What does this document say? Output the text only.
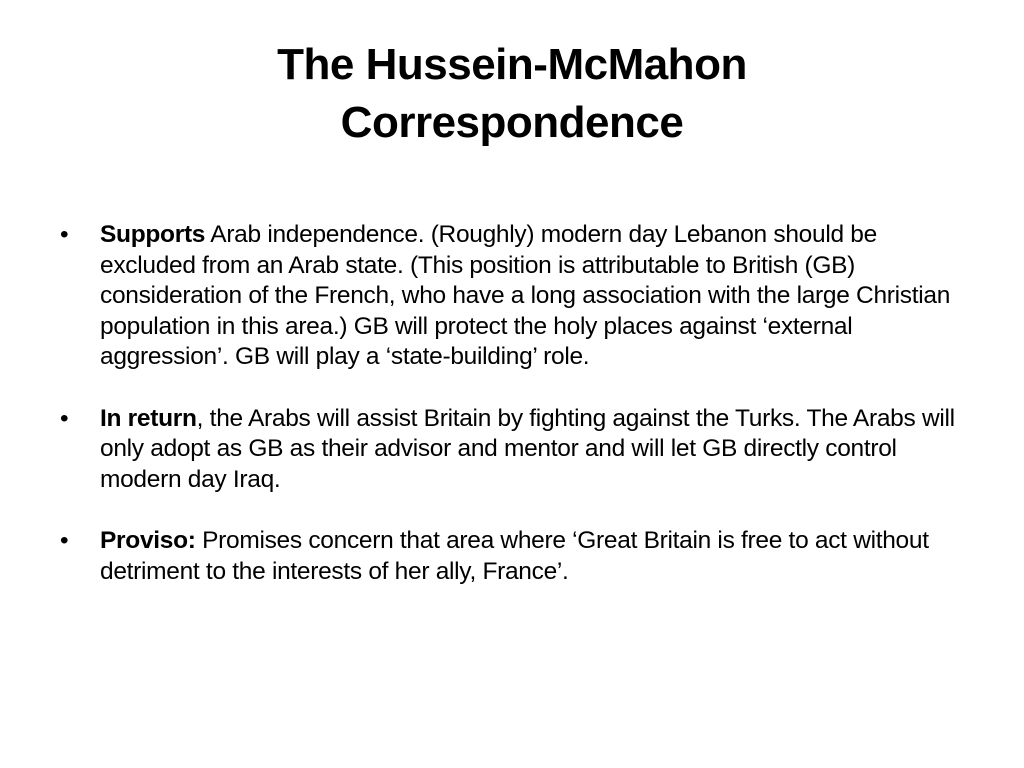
The Hussein-McMahon
Correspondence
•	Supports Arab independence. (Roughly) modern day Lebanon should be excluded from an Arab state. (This position is attributable to British (GB) consideration of the French, who have a long association with the large Christian population in this area.) GB will protect the holy places against ‘external aggression’. GB will play a ‘state-building’ role.
•	In return, the Arabs will assist Britain by fighting against the Turks. The Arabs will only adopt as GB as their advisor and mentor and will let GB directly control modern day Iraq.
•	Proviso: Promises concern that area where ‘Great Britain is free to act without detriment to the interests of her ally, France’.
